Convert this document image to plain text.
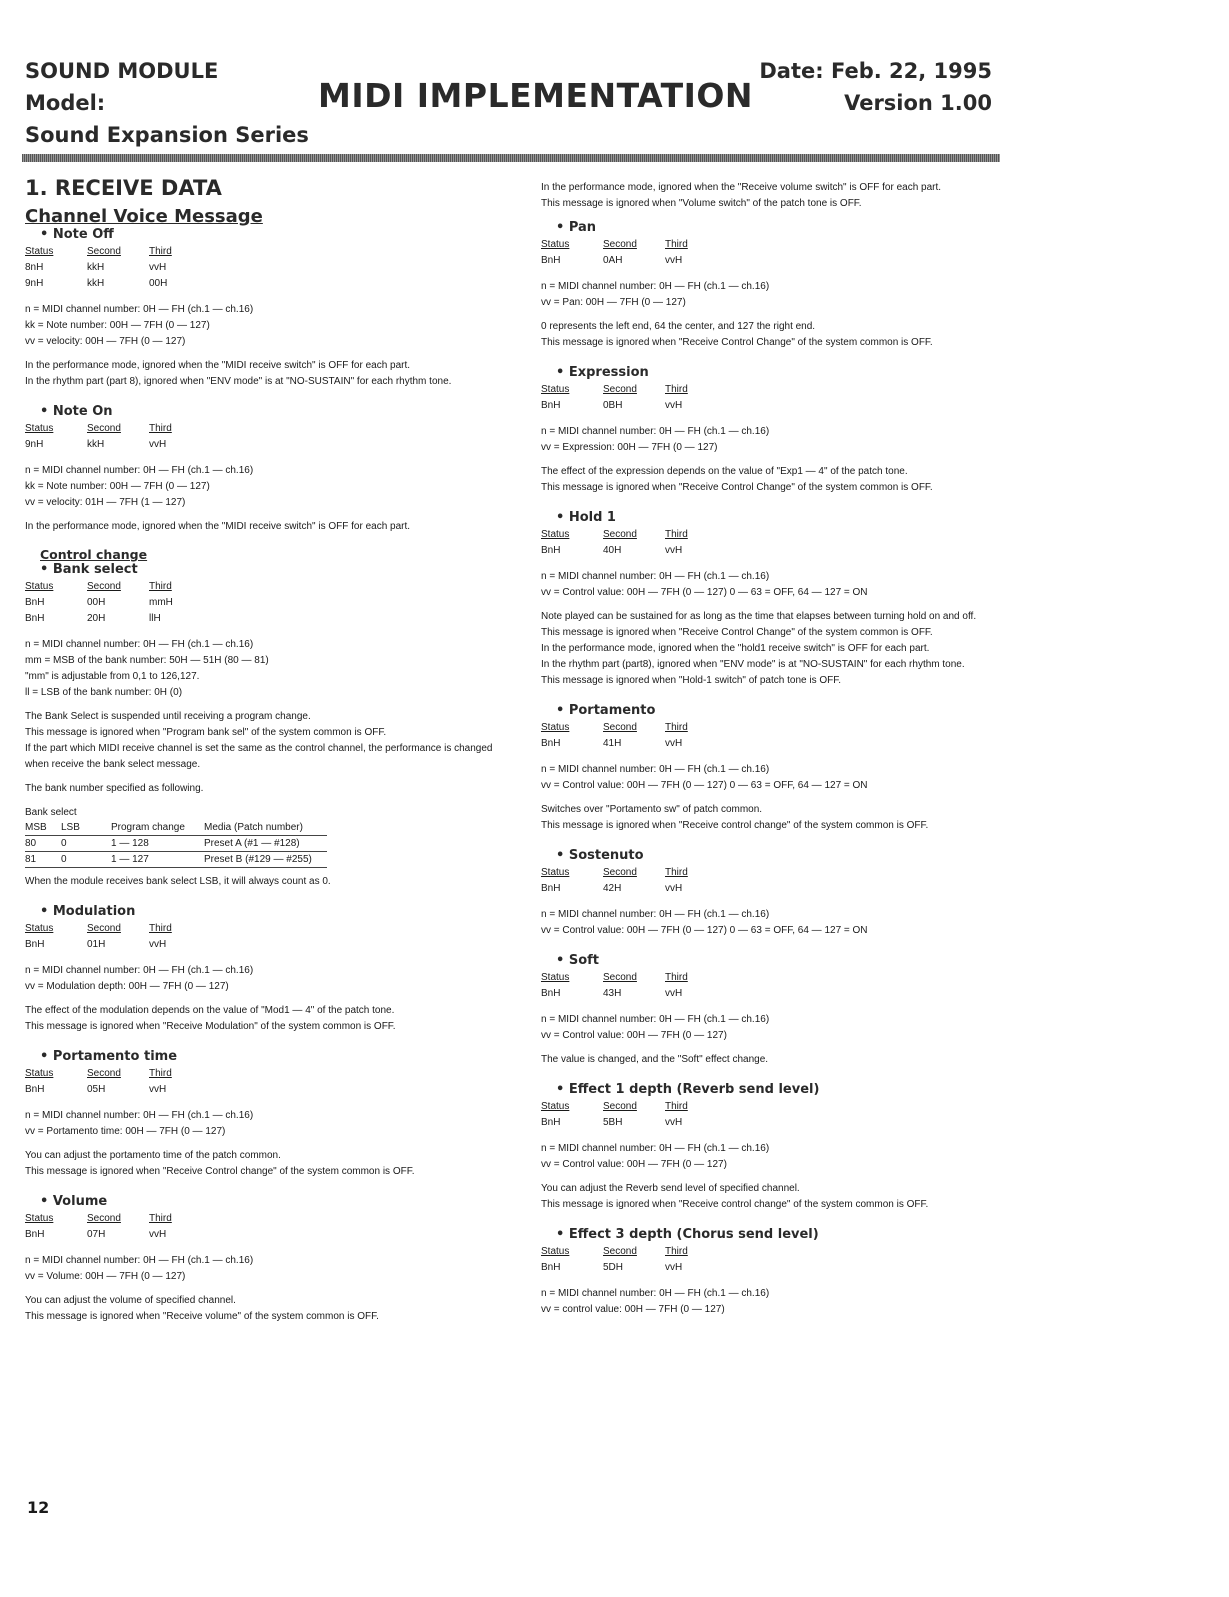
SOUND MODULE
Model:
Sound Expansion Series
MIDI IMPLEMENTATION
Date: Feb. 22, 1995
Version 1.00
1. RECEIVE DATA
Channel Voice Message
• Note Off
Status	Second	Third
8nH	kkH	vvH
9nH	kkH	00H
n = MIDI channel number: 0H — FH (ch.1 — ch.16)
kk = Note number: 00H — 7FH (0 — 127)
vv = velocity: 00H — 7FH (0 — 127)
In the performance mode, ignored when the "MIDI receive switch" is OFF for each part.
In the rhythm part (part 8), ignored when "ENV mode" is at "NO-SUSTAIN" for each rhythm tone.
• Note On
Status	Second	Third
9nH	kkH	vvH
n = MIDI channel number: 0H — FH (ch.1 — ch.16)
kk = Note number: 00H — 7FH (0 — 127)
vv = velocity: 01H — 7FH (1 — 127)
In the performance mode, ignored when the "MIDI receive switch" is OFF for each part.
Control change
• Bank select
Status	Second	Third
BnH	00H	mmH
BnH	20H	llH
n = MIDI channel number: 0H — FH (ch.1 — ch.16)
mm = MSB of the bank number: 50H — 51H (80 — 81)
"mm" is adjustable from 0,1 to 126,127.
ll = LSB of the bank number: 0H (0)
The Bank Select is suspended until receiving a program change.
This message is ignored when "Program bank sel" of the system common is OFF.
If the part which MIDI receive channel is set the same as the control channel, the performance is changed when receive the bank select message.
The bank number specified as following.
Bank select
MSB	LSB	Program change	Media (Patch number)
80	0	1 — 128	Preset A (#1 — #128)
81	0	1 — 127	Preset B (#129 — #255)
When the module receives bank select LSB, it will always count as 0.
• Modulation
Status	Second	Third
BnH	01H	vvH
n = MIDI channel number: 0H — FH (ch.1 — ch.16)
vv = Modulation depth: 00H — 7FH (0 — 127)
The effect of the modulation depends on the value of "Mod1 — 4" of the patch tone.
This message is ignored when "Receive Modulation" of the system common is OFF.
• Portamento time
Status	Second	Third
BnH	05H	vvH
n = MIDI channel number: 0H — FH (ch.1 — ch.16)
vv = Portamento time: 00H — 7FH (0 — 127)
You can adjust the portamento time of the patch common.
This message is ignored when "Receive Control change" of the system common is OFF.
• Volume
Status	Second	Third
BnH	07H	vvH
n = MIDI channel number: 0H — FH (ch.1 — ch.16)
vv = Volume: 00H — 7FH (0 — 127)
You can adjust the volume of specified channel.
This message is ignored when "Receive volume" of the system common is OFF.
In the performance mode, ignored when the "Receive volume switch" is OFF for each part.
This message is ignored when "Volume switch" of the patch tone is OFF.
• Pan
Status	Second	Third
BnH	0AH	vvH
n = MIDI channel number: 0H — FH (ch.1 — ch.16)
vv = Pan: 00H — 7FH (0 — 127)
0 represents the left end, 64 the center, and 127 the right end.
This message is ignored when "Receive Control Change" of the system common is OFF.
• Expression
Status	Second	Third
BnH	0BH	vvH
n = MIDI channel number: 0H — FH (ch.1 — ch.16)
vv = Expression: 00H — 7FH (0 — 127)
The effect of the expression depends on the value of "Exp1 — 4" of the patch tone.
This message is ignored when "Receive Control Change" of the system common is OFF.
• Hold 1
Status	Second	Third
BnH	40H	vvH
n = MIDI channel number: 0H — FH (ch.1 — ch.16)
vv = Control value: 00H — 7FH (0 — 127) 0 — 63 = OFF, 64 — 127 = ON
Note played can be sustained for as long as the time that elapses between turning hold on and off.
This message is ignored when "Receive Control Change" of the system common is OFF.
In the performance mode, ignored when the "hold1 receive switch" is OFF for each part.
In the rhythm part (part8), ignored when "ENV mode" is at "NO-SUSTAIN" for each rhythm tone.
This message is ignored when "Hold-1 switch" of patch tone is OFF.
• Portamento
Status	Second	Third
BnH	41H	vvH
n = MIDI channel number: 0H — FH (ch.1 — ch.16)
vv = Control value: 00H — 7FH (0 — 127) 0 — 63 = OFF, 64 — 127 = ON
Switches over "Portamento sw" of patch common.
This message is ignored when "Receive control change" of the system common is OFF.
• Sostenuto
Status	Second	Third
BnH	42H	vvH
n = MIDI channel number: 0H — FH (ch.1 — ch.16)
vv = Control value: 00H — 7FH (0 — 127) 0 — 63 = OFF, 64 — 127 = ON
• Soft
Status	Second	Third
BnH	43H	vvH
n = MIDI channel number: 0H — FH (ch.1 — ch.16)
vv = Control value: 00H — 7FH (0 — 127)
The value is changed, and the "Soft" effect change.
• Effect 1 depth (Reverb send level)
Status	Second	Third
BnH	5BH	vvH
n = MIDI channel number: 0H — FH (ch.1 — ch.16)
vv = Control value: 00H — 7FH (0 — 127)
You can adjust the Reverb send level of specified channel.
This message is ignored when "Receive control change" of the system common is OFF.
• Effect 3 depth (Chorus send level)
Status	Second	Third
BnH	5DH	vvH
n = MIDI channel number: 0H — FH (ch.1 — ch.16)
vv = control value: 00H — 7FH (0 — 127)
12
